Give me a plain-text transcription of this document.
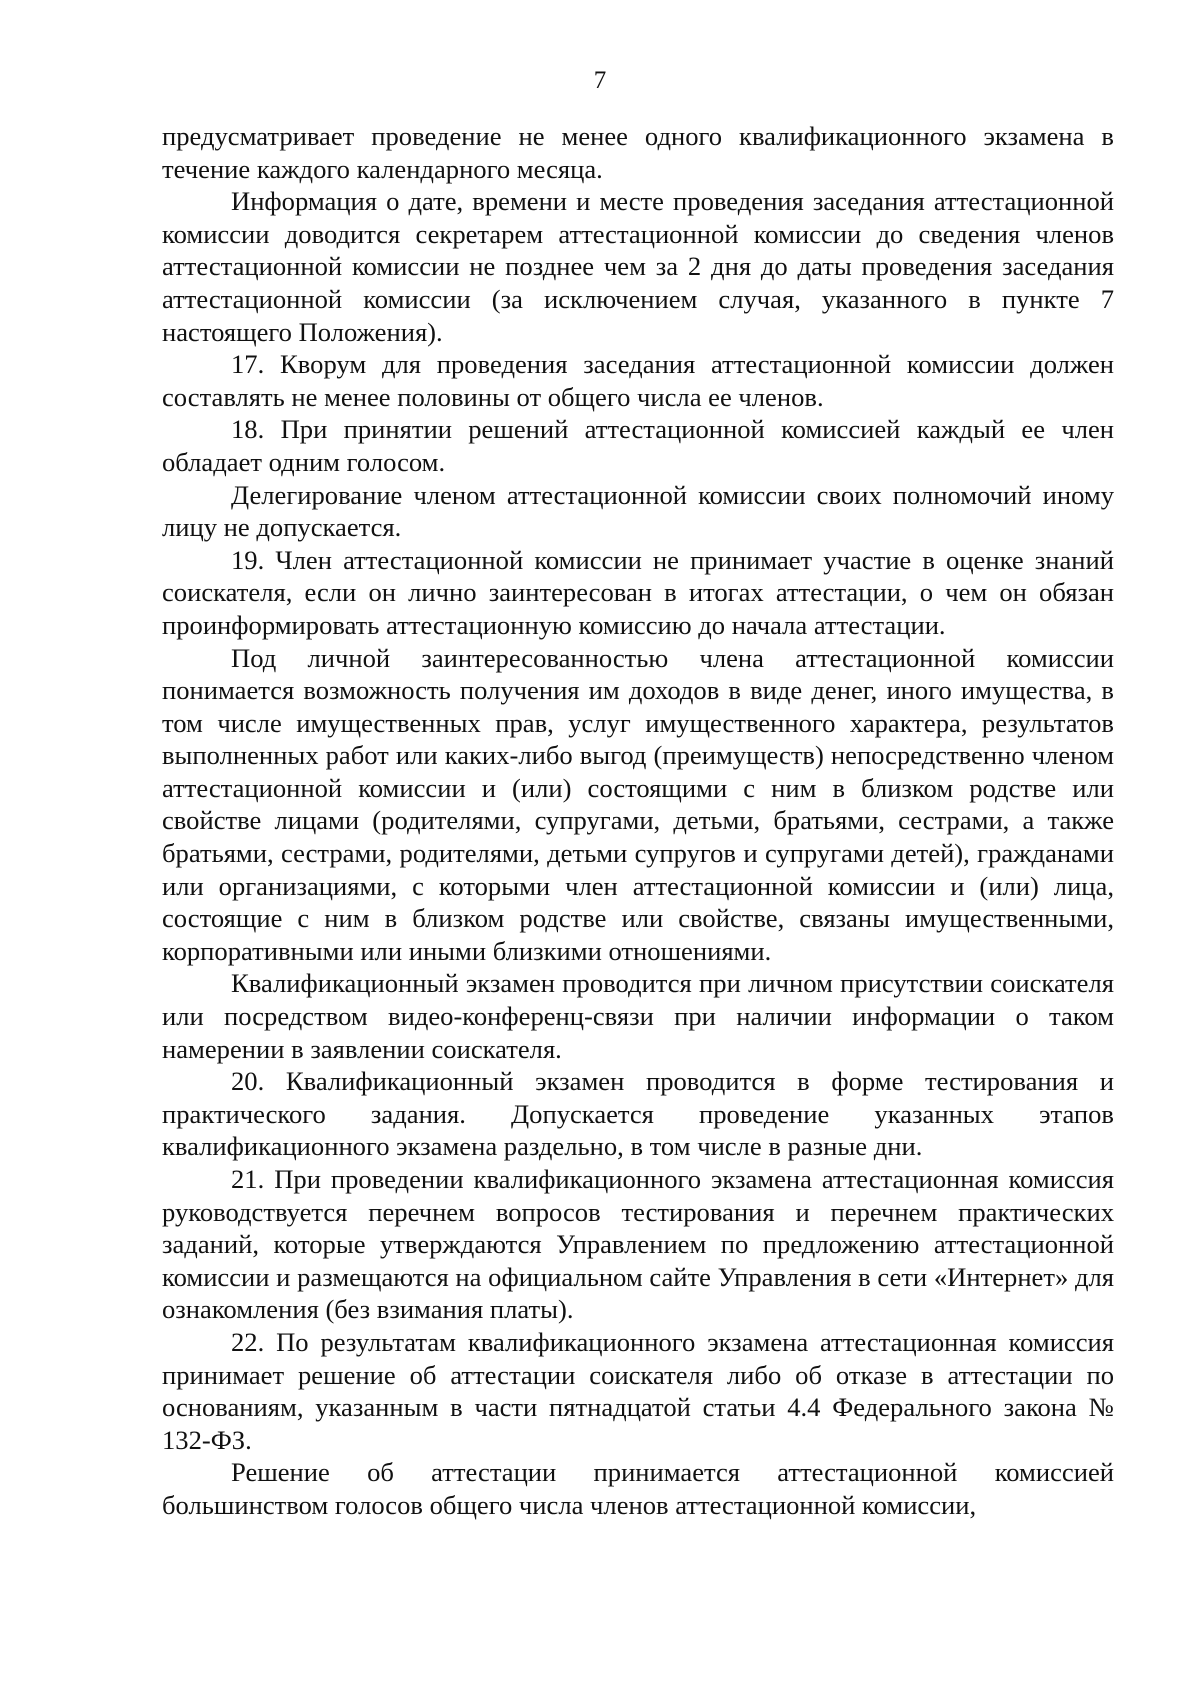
7

предусматривает проведение не менее одного квалификационного экзамена в течение каждого календарного месяца.

Информация о дате, времени и месте проведения заседания аттестационной комиссии доводится секретарем аттестационной комиссии до сведения членов аттестационной комиссии не позднее чем за 2 дня до даты проведения заседания аттестационной комиссии (за исключением случая, указанного в пункте 7 настоящего Положения).

17. Кворум для проведения заседания аттестационной комиссии должен составлять не менее половины от общего числа ее членов.

18. При принятии решений аттестационной комиссией каждый ее член обладает одним голосом.

Делегирование членом аттестационной комиссии своих полномочий иному лицу не допускается.

19. Член аттестационной комиссии не принимает участие в оценке знаний соискателя, если он лично заинтересован в итогах аттестации, о чем он обязан проинформировать аттестационную комиссию до начала аттестации.

Под личной заинтересованностью члена аттестационной комиссии понимается возможность получения им доходов в виде денег, иного имущества, в том числе имущественных прав, услуг имущественного характера, результатов выполненных работ или каких-либо выгод (преимуществ) непосредственно членом аттестационной комиссии и (или) состоящими с ним в близком родстве или свойстве лицами (родителями, супругами, детьми, братьями, сестрами, а также братьями, сестрами, родителями, детьми супругов и супругами детей), гражданами или организациями, с которыми член аттестационной комиссии и (или) лица, состоящие с ним в близком родстве или свойстве, связаны имущественными, корпоративными или иными близкими отношениями.

Квалификационный экзамен проводится при личном присутствии соискателя или посредством видео-конференц-связи при наличии информации о таком намерении в заявлении соискателя.

20. Квалификационный экзамен проводится в форме тестирования и практического задания. Допускается проведение указанных этапов квалификационного экзамена раздельно, в том числе в разные дни.

21. При проведении квалификационного экзамена аттестационная комиссия руководствуется перечнем вопросов тестирования и перечнем практических заданий, которые утверждаются Управлением по предложению аттестационной комиссии и размещаются на официальном сайте Управления в сети «Интернет» для ознакомления (без взимания платы).

22. По результатам квалификационного экзамена аттестационная комиссия принимает решение об аттестации соискателя либо об отказе в аттестации по основаниям, указанным в части пятнадцатой статьи 4.4 Федерального закона № 132-ФЗ.

Решение об аттестации принимается аттестационной комиссией большинством голосов общего числа членов аттестационной комиссии,
